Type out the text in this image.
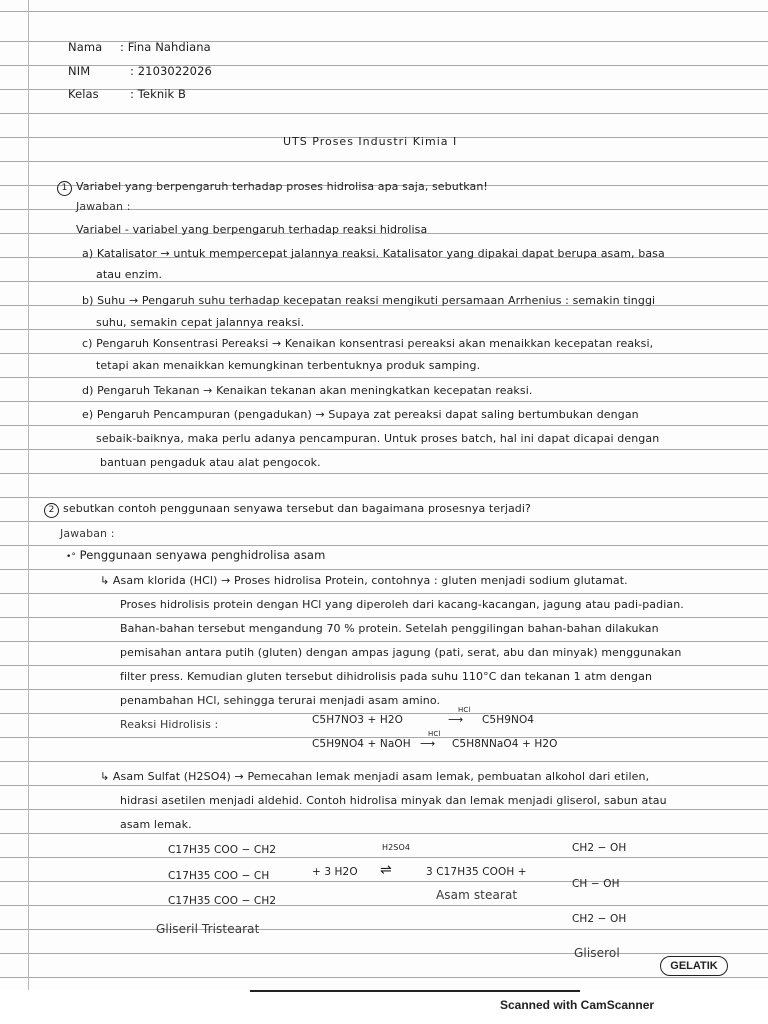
Nama : Fina Nahdiana
NIM	: 2103022026
Kelas	: Teknik B
UTS Proses Industri Kimia I
1 Variabel yang berpengaruh terhadap proses hidrolisa apa saja, sebutkan!
Jawaban :
Variabel - variabel yang berpengaruh terhadap reaksi hidrolisa
a) Katalisator → untuk mempercepat jalannya reaksi. Katalisator yang dipakai dapat berupa asam, basa
atau enzim.
b) Suhu → Pengaruh suhu terhadap kecepatan reaksi mengikuti persamaan Arrhenius : semakin tinggi
suhu, semakin cepat jalannya reaksi.
c) Pengaruh Konsentrasi Pereaksi → Kenaikan konsentrasi pereaksi akan menaikkan kecepatan reaksi,
tetapi akan menaikkan kemungkinan terbentuknya produk samping.
d) Pengaruh Tekanan → Kenaikan tekanan akan meningkatkan kecepatan reaksi.
e) Pengaruh Pencampuran (pengadukan) → Supaya zat pereaksi dapat saling bertumbukan dengan
sebaik-baiknya, maka perlu adanya pencampuran. Untuk proses batch, hal ini dapat dicapai dengan
bantuan pengaduk atau alat pengocok.
2 sebutkan contoh penggunaan senyawa tersebut dan bagaimana prosesnya terjadi?
Jawaban :
•° Penggunaan senyawa penghidrolisa asam
↳ Asam klorida (HCl) → Proses hidrolisa Protein, contohnya : gluten menjadi sodium glutamat.
Proses hidrolisis protein dengan HCl yang diperoleh dari kacang-kacangan, jagung atau padi-padian.
Bahan-bahan tersebut mengandung 70 % protein. Setelah penggilingan bahan-bahan dilakukan
pemisahan antara putih (gluten) dengan ampas jagung (pati, serat, abu dan minyak) menggunakan
filter press. Kemudian gluten tersebut dihidrolisis pada suhu 110°C dan tekanan 1 atm dengan
penambahan HCl, sehingga terurai menjadi asam amino.
Reaksi Hidrolisis :	C5H7NO3 + H2O
HCl
⟶ C5H9NO4
C5H9NO4 + NaOH
HCl
⟶ C5H8NNaO4 + H2O
↳ Asam Sulfat (H2SO4) → Pemecahan lemak menjadi asam lemak, pembuatan alkohol dari etilen,
hidrasi asetilen menjadi aldehid. Contoh hidrolisa minyak dan lemak menjadi gliserol, sabun atau
asam lemak.
C17H35 COO − CH2
C17H35 COO − CH
C17H35 COO − CH2
Gliseril Tristearat
+ 3 H2O
H2SO4
⇌	3 C17H35 COOH +
Asam stearat
CH2 − OH
CH − OH
CH2 − OH
Gliserol
GELATIK
Scanned with CamScanner
